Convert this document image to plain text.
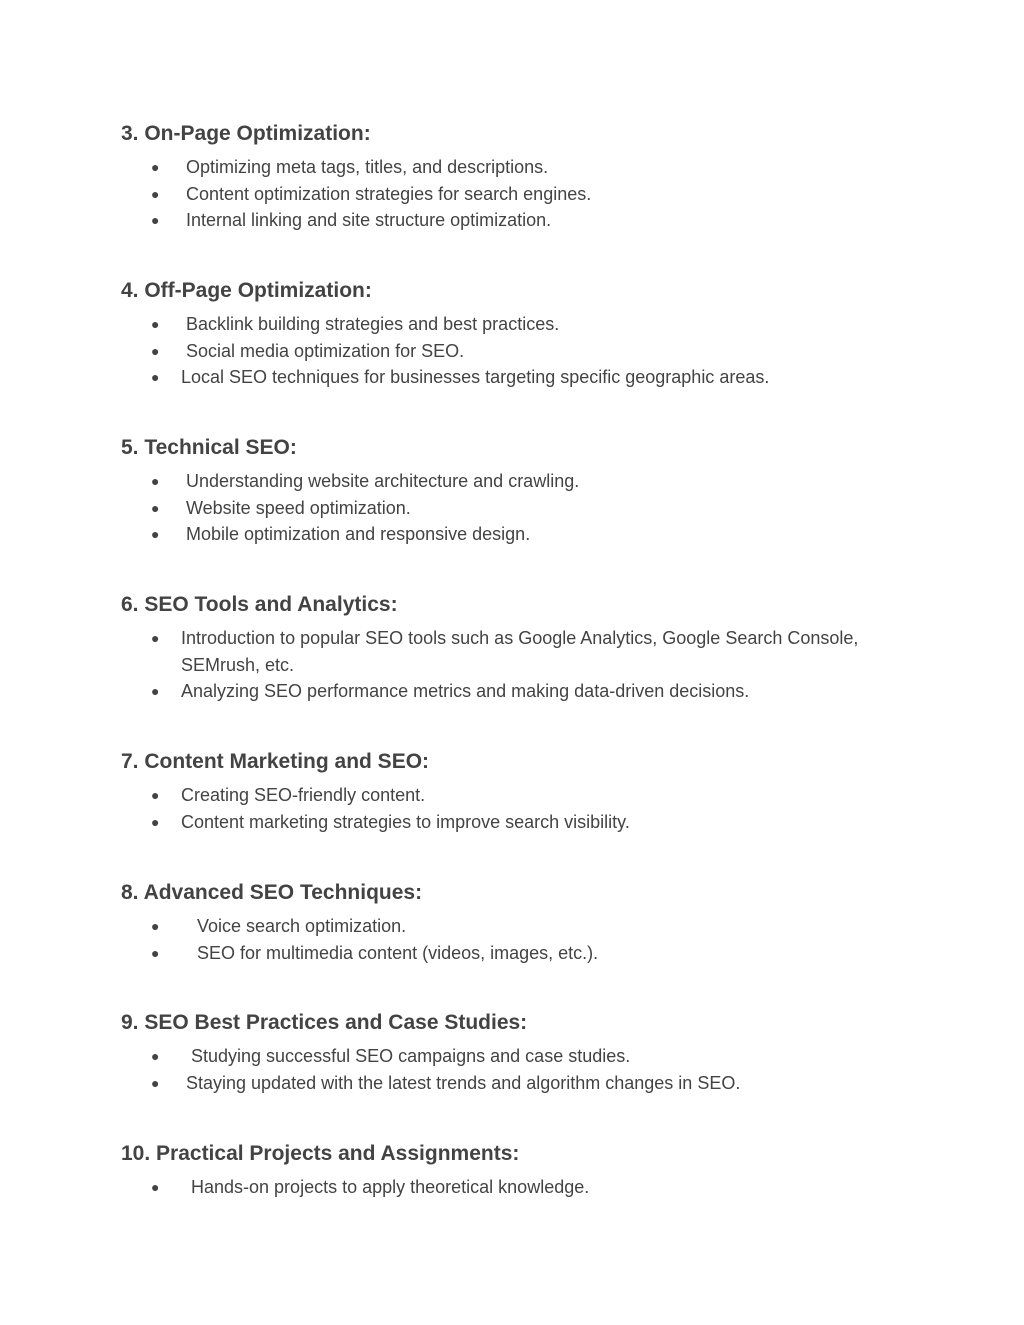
3. On-Page Optimization:
● Optimizing meta tags, titles, and descriptions.
● Content optimization strategies for search engines.
● Internal linking and site structure optimization.
4. Off-Page Optimization:
● Backlink building strategies and best practices.
● Social media optimization for SEO.
● Local SEO techniques for businesses targeting specific geographic areas.
5. Technical SEO:
● Understanding website architecture and crawling.
● Website speed optimization.
● Mobile optimization and responsive design.
6. SEO Tools and Analytics:
● Introduction to popular SEO tools such as Google Analytics, Google Search Console, SEMrush, etc.
● Analyzing SEO performance metrics and making data-driven decisions.
7. Content Marketing and SEO:
● Creating SEO-friendly content.
● Content marketing strategies to improve search visibility.
8. Advanced SEO Techniques:
● Voice search optimization.
● SEO for multimedia content (videos, images, etc.).
9. SEO Best Practices and Case Studies:
● Studying successful SEO campaigns and case studies.
● Staying updated with the latest trends and algorithm changes in SEO.
10. Practical Projects and Assignments:
● Hands-on projects to apply theoretical knowledge.
